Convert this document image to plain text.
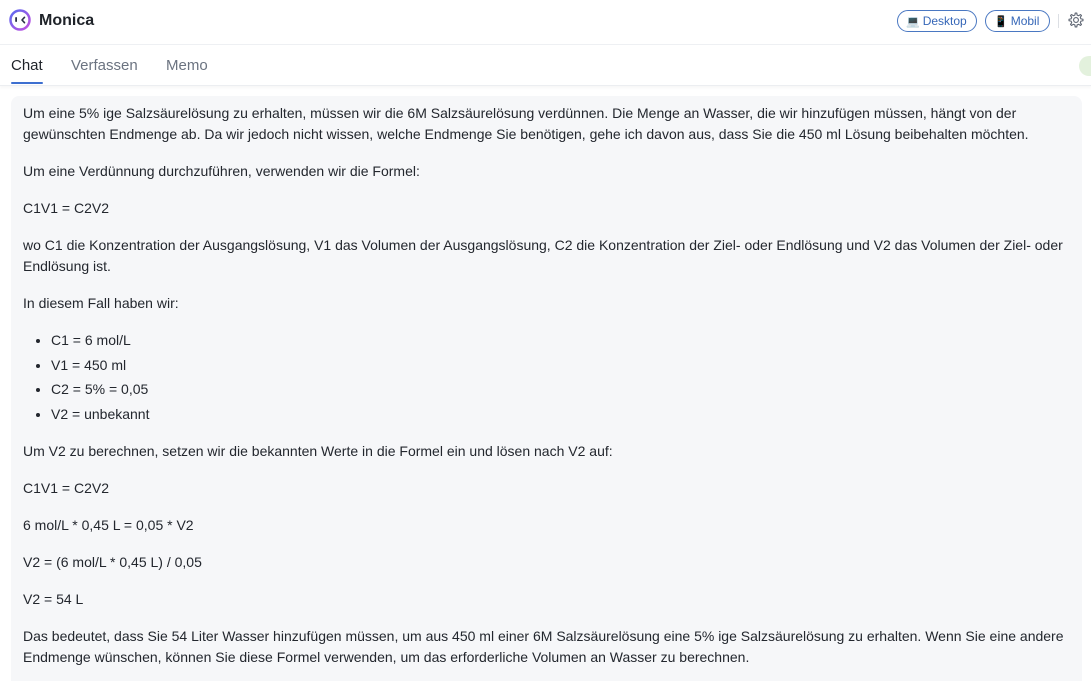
Monica	💻 Desktop 📱 Mobil
Chat Verfassen Memo

Um eine 5% ige Salzsäurelösung zu erhalten, müssen wir die 6M Salzsäurelösung verdünnen. Die Menge an Wasser, die wir hinzufügen müssen, hängt von der gewünschten Endmenge ab. Da wir jedoch nicht wissen, welche Endmenge Sie benötigen, gehe ich davon aus, dass Sie die 450 ml Lösung beibehalten möchten.

Um eine Verdünnung durchzuführen, verwenden wir die Formel:

C1V1 = C2V2

wo C1 die Konzentration der Ausgangslösung, V1 das Volumen der Ausgangslösung, C2 die Konzentration der Ziel- oder Endlösung und V2 das Volumen der Ziel- oder Endlösung ist.

In diesem Fall haben wir:

• C1 = 6 mol/L
• V1 = 450 ml
• C2 = 5% = 0,05
• V2 = unbekannt

Um V2 zu berechnen, setzen wir die bekannten Werte in die Formel ein und lösen nach V2 auf:

C1V1 = C2V2

6 mol/L * 0,45 L = 0,05 * V2

V2 = (6 mol/L * 0,45 L) / 0,05

V2 = 54 L

Das bedeutet, dass Sie 54 Liter Wasser hinzufügen müssen, um aus 450 ml einer 6M Salzsäurelösung eine 5% ige Salzsäurelösung zu erhalten. Wenn Sie eine andere Endmenge wünschen, können Sie diese Formel verwenden, um das erforderliche Volumen an Wasser zu berechnen.
